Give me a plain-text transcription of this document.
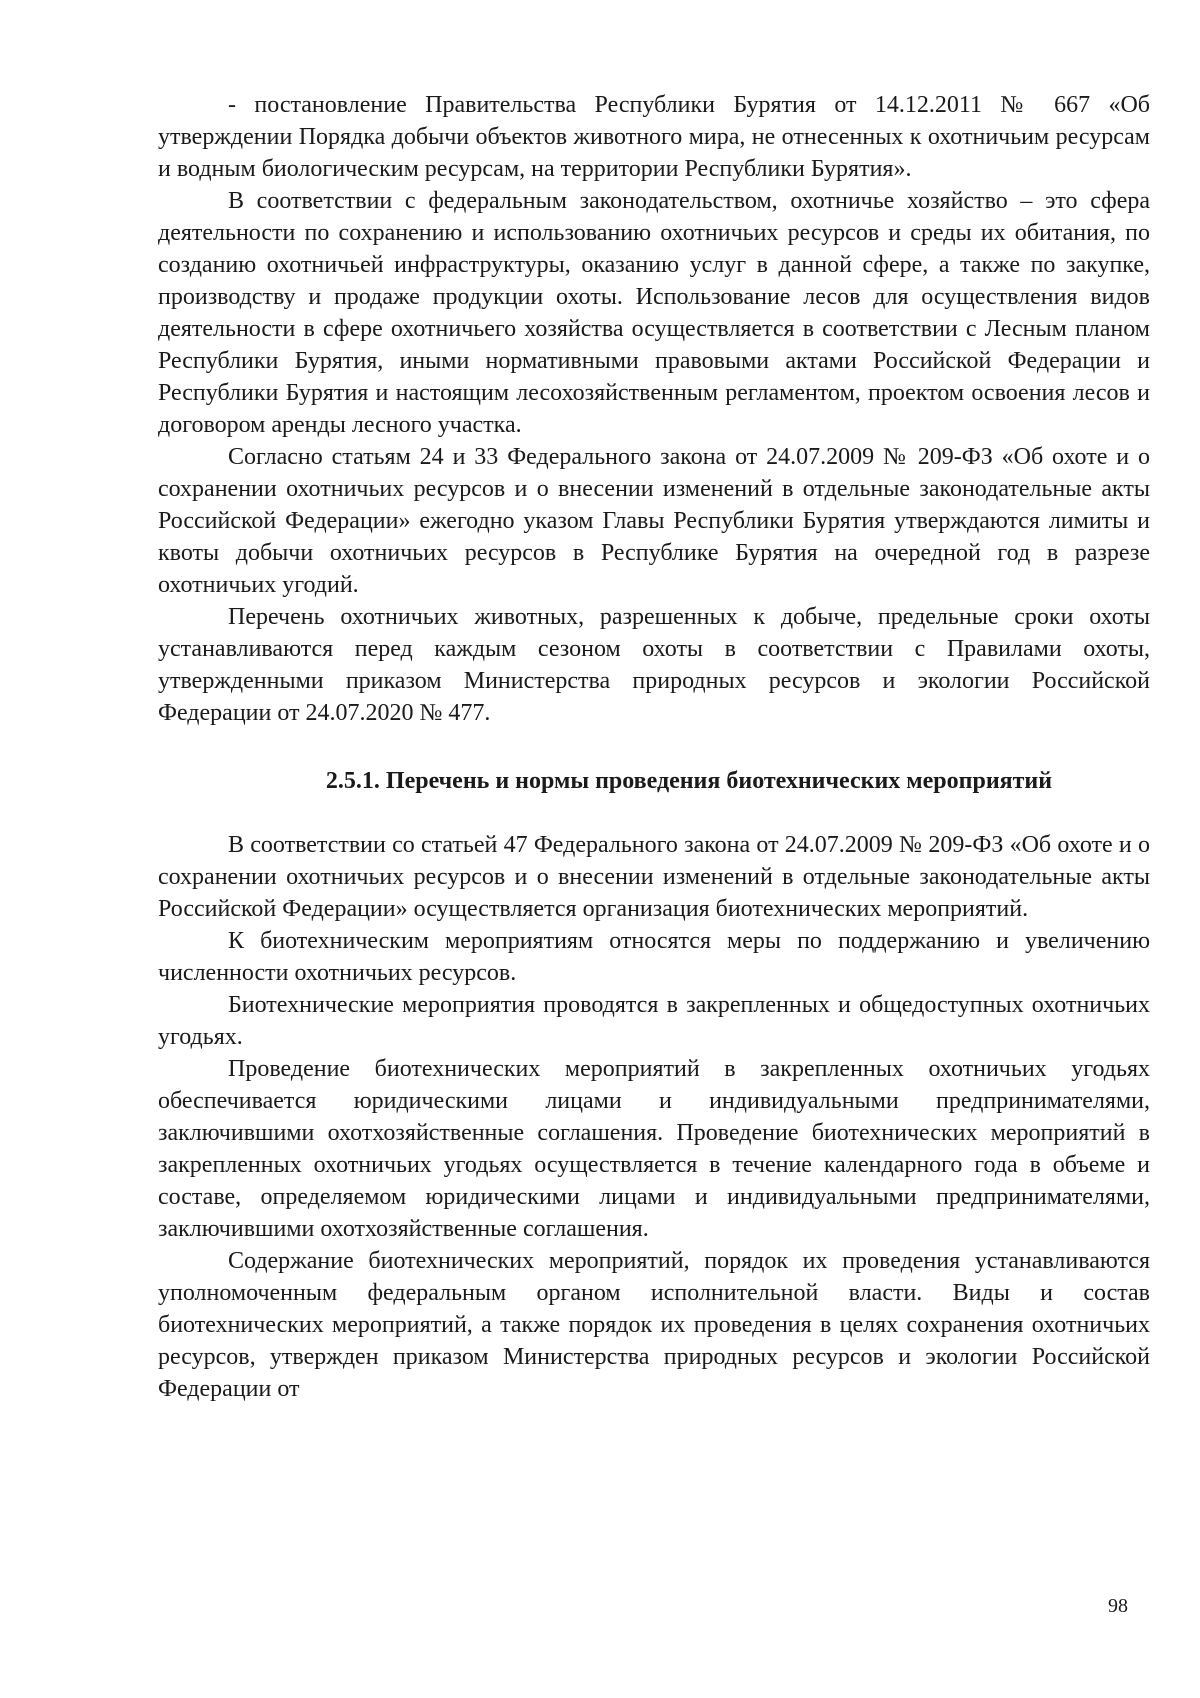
- постановление Правительства Республики Бурятия от 14.12.2011 № 667 «Об утверждении Порядка добычи объектов животного мира, не отнесенных к охотничьим ресурсам и водным биологическим ресурсам, на территории Республики Бурятия».

В соответствии с федеральным законодательством, охотничье хозяйство – это сфера деятельности по сохранению и использованию охотничьих ресурсов и среды их обитания, по созданию охотничьей инфраструктуры, оказанию услуг в данной сфере, а также по закупке, производству и продаже продукции охоты. Использование лесов для осуществления видов деятельности в сфере охотничьего хозяйства осуществляется в соответствии с Лесным планом Республики Бурятия, иными нормативными правовыми актами Российской Федерации и Республики Бурятия и настоящим лесохозяйственным регламентом, проектом освоения лесов и договором аренды лесного участка.

Согласно статьям 24 и 33 Федерального закона от 24.07.2009 № 209-ФЗ «Об охоте и о сохранении охотничьих ресурсов и о внесении изменений в отдельные законодательные акты Российской Федерации» ежегодно указом Главы Республики Бурятия утверждаются лимиты и квоты добычи охотничьих ресурсов в Республике Бурятия на очередной год в разрезе охотничьих угодий.

Перечень охотничьих животных, разрешенных к добыче, предельные сроки охоты устанавливаются перед каждым сезоном охоты в соответствии с Правилами охоты, утвержденными приказом Министерства природных ресурсов и экологии Российской Федерации от 24.07.2020 № 477.

2.5.1. Перечень и нормы проведения биотехнических мероприятий

В соответствии со статьей 47 Федерального закона от 24.07.2009 № 209-ФЗ «Об охоте и о сохранении охотничьих ресурсов и о внесении изменений в отдельные законодательные акты Российской Федерации» осуществляется организация биотехнических мероприятий.

К биотехническим мероприятиям относятся меры по поддержанию и увеличению численности охотничьих ресурсов.

Биотехнические мероприятия проводятся в закрепленных и общедоступных охотничьих угодьях.

Проведение биотехнических мероприятий в закрепленных охотничьих угодьях обеспечивается юридическими лицами и индивидуальными предпринимателями, заключившими охотхозяйственные соглашения. Проведение биотехнических мероприятий в закрепленных охотничьих угодьях осуществляется в течение календарного года в объеме и составе, определяемом юридическими лицами и индивидуальными предпринимателями, заключившими охотхозяйственные соглашения.

Содержание биотехнических мероприятий, порядок их проведения устанавливаются уполномоченным федеральным органом исполнительной власти. Виды и состав биотехнических мероприятий, а также порядок их проведения в целях сохранения охотничьих ресурсов, утвержден приказом Министерства природных ресурсов и экологии Российской Федерации от

98
